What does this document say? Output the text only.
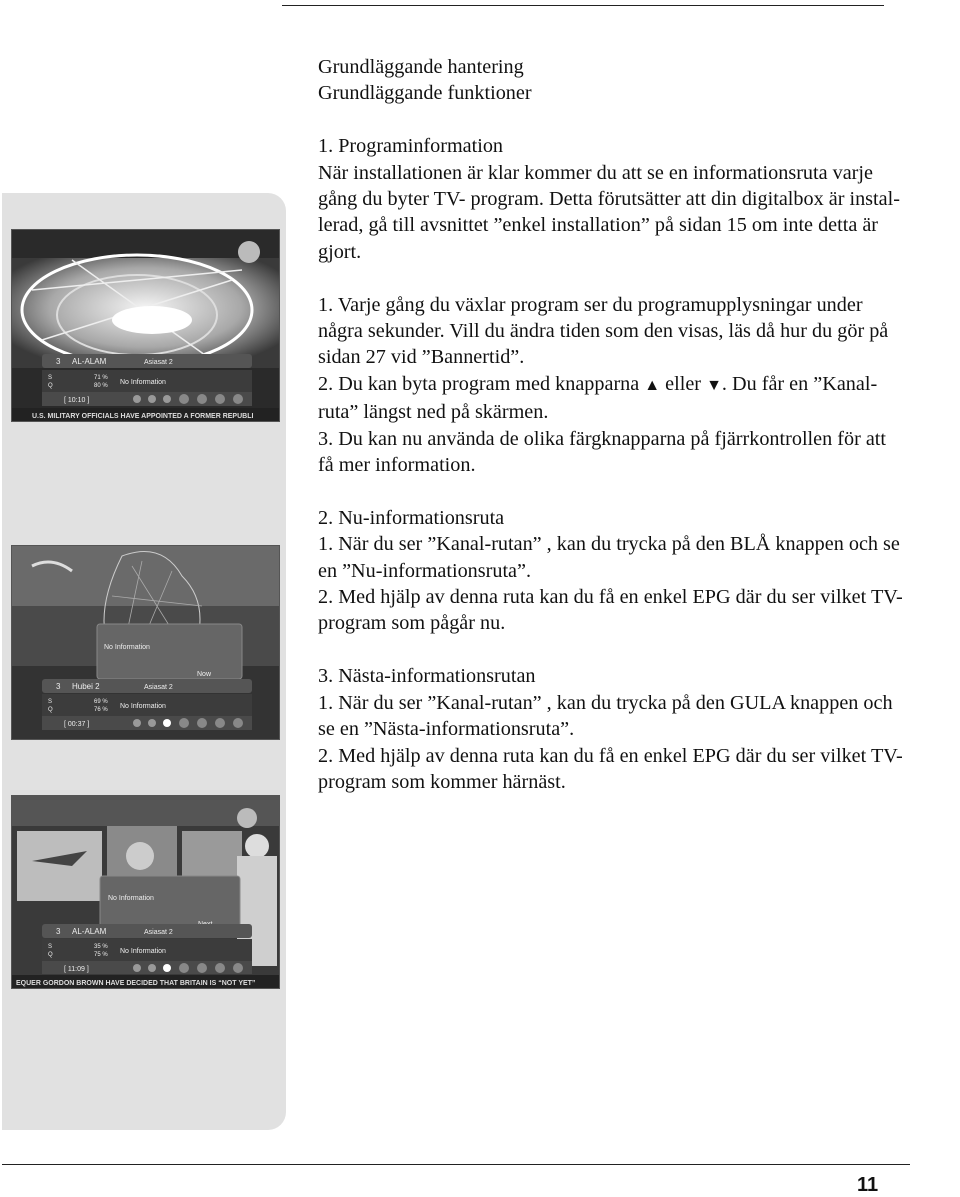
3 AL-ALAM	Asiasat 2
S
Q
71 %
80 % No Information
[ 10:10 ]
U.S. MILITARY OFFICIALS HAVE APPOINTED A FORMER REPUBLI
No Information
Now
3 Hubei 2	Asiasat 2
S
Q
69 %
76 % No Information
[ 00:37 ]
No Information
3 AL-ALAM	Asiasat 2
S
Q
35 %
75 % No Information
[ 11:09 ]
EQUER GORDON BROWN HAVE DECIDED THAT BRITAIN IS “NOT YET”

Grundläggande hantering

Grundläggande funktioner

1. Programinformation

När installationen är klar kommer du att se en informationsruta varje

gång du byter TV- program. Detta förutsätter att din digitalbox är instal-

lerad, gå till avsnittet ”enkel installation” på sidan 15 om inte detta är

gjort.

1. Varje gång du växlar program ser du programupplysningar under

några sekunder. Vill du ändra tiden som den visas, läs då hur du gör på

sidan 27 vid ”Bannertid”.

2. Du kan byta program med knapparna ▲ eller ▼. Du får en ”Kanal-

ruta” längst ned på skärmen.

3. Du kan nu använda de olika färgknapparna på fjärrkontrollen för att

få mer information.

2. Nu-informationsruta

1. När du ser ”Kanal-rutan” , kan du trycka på den BLÅ knappen och se

en ”Nu-informationsruta”.

2. Med hjälp av denna ruta kan du få en enkel EPG där du ser vilket TV-

program som pågår nu.

3. Nästa-informationsrutan

1. När du ser ”Kanal-rutan” , kan du trycka på den GULA knappen och

se en ”Nästa-informationsruta”.

2. Med hjälp av denna ruta kan du få en enkel EPG där du ser vilket TV-

program som kommer härnäst.

11
